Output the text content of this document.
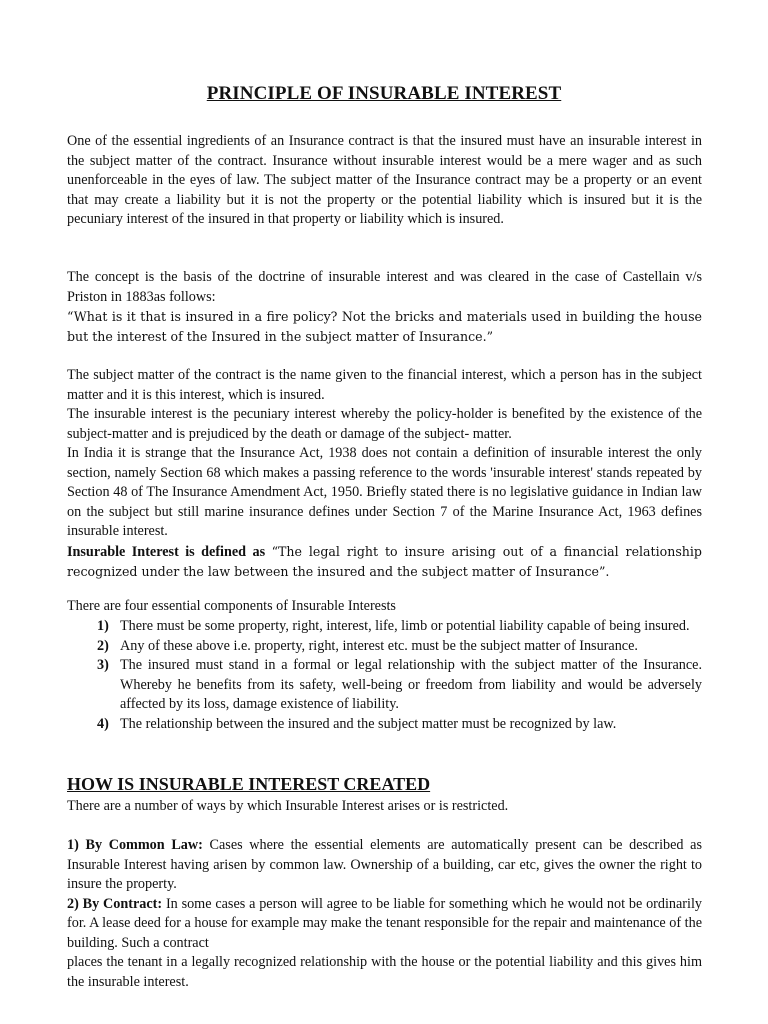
PRINCIPLE OF INSURABLE INTEREST
One of the essential ingredients of an Insurance contract is that the insured must have an insurable interest in the subject matter of the contract. Insurance without insurable interest would be a mere wager and as such unenforceable in the eyes of law. The subject matter of the Insurance contract may be a property or an event that may create a liability but it is not the property or the potential liability which is insured but it is the pecuniary interest of the insured in that property or liability which is insured.
The concept is the basis of the doctrine of insurable interest and was cleared in the case of Castellain v/s Priston in 1883as follows:
“What is it that is insured in a fire policy? Not the bricks and materials used in building the house but the interest of the Insured in the subject matter of Insurance.”
The subject matter of the contract is the name given to the financial interest, which a person has in the subject matter and it is this interest, which is insured.
The insurable interest is the pecuniary interest whereby the policy-holder is benefited by the existence of the subject-matter and is prejudiced by the death or damage of the subject- matter.
In India it is strange that the Insurance Act, 1938 does not contain a definition of insurable interest the only section, namely Section 68 which makes a passing reference to the words 'insurable interest' stands repeated by Section 48 of The Insurance Amendment Act, 1950. Briefly stated there is no legislative guidance in Indian law on the subject but still marine insurance defines under Section 7 of the Marine Insurance Act, 1963 defines insurable interest.
Insurable Interest is defined as “The legal right to insure arising out of a financial relationship recognized under the law between the insured and the subject matter of Insurance”.
There are four essential components of Insurable Interests
1) There must be some property, right, interest, life, limb or potential liability capable of being insured.
2) Any of these above i.e. property, right, interest etc. must be the subject matter of Insurance.
3) The insured must stand in a formal or legal relationship with the subject matter of the Insurance. Whereby he benefits from its safety, well-being or freedom from liability and would be adversely affected by its loss, damage existence of liability.
4) The relationship between the insured and the subject matter must be recognized by law.
HOW IS INSURABLE INTEREST CREATED
There are a number of ways by which Insurable Interest arises or is restricted.
1) By Common Law: Cases where the essential elements are automatically present can be described as Insurable Interest having arisen by common law. Ownership of a building, car etc, gives the owner the right to insure the property.
2) By Contract: In some cases a person will agree to be liable for something which he would not be ordinarily for. A lease deed for a house for example may make the tenant responsible for the repair and maintenance of the building. Such a contract
places the tenant in a legally recognized relationship with the house or the potential liability and this gives him the insurable interest.
